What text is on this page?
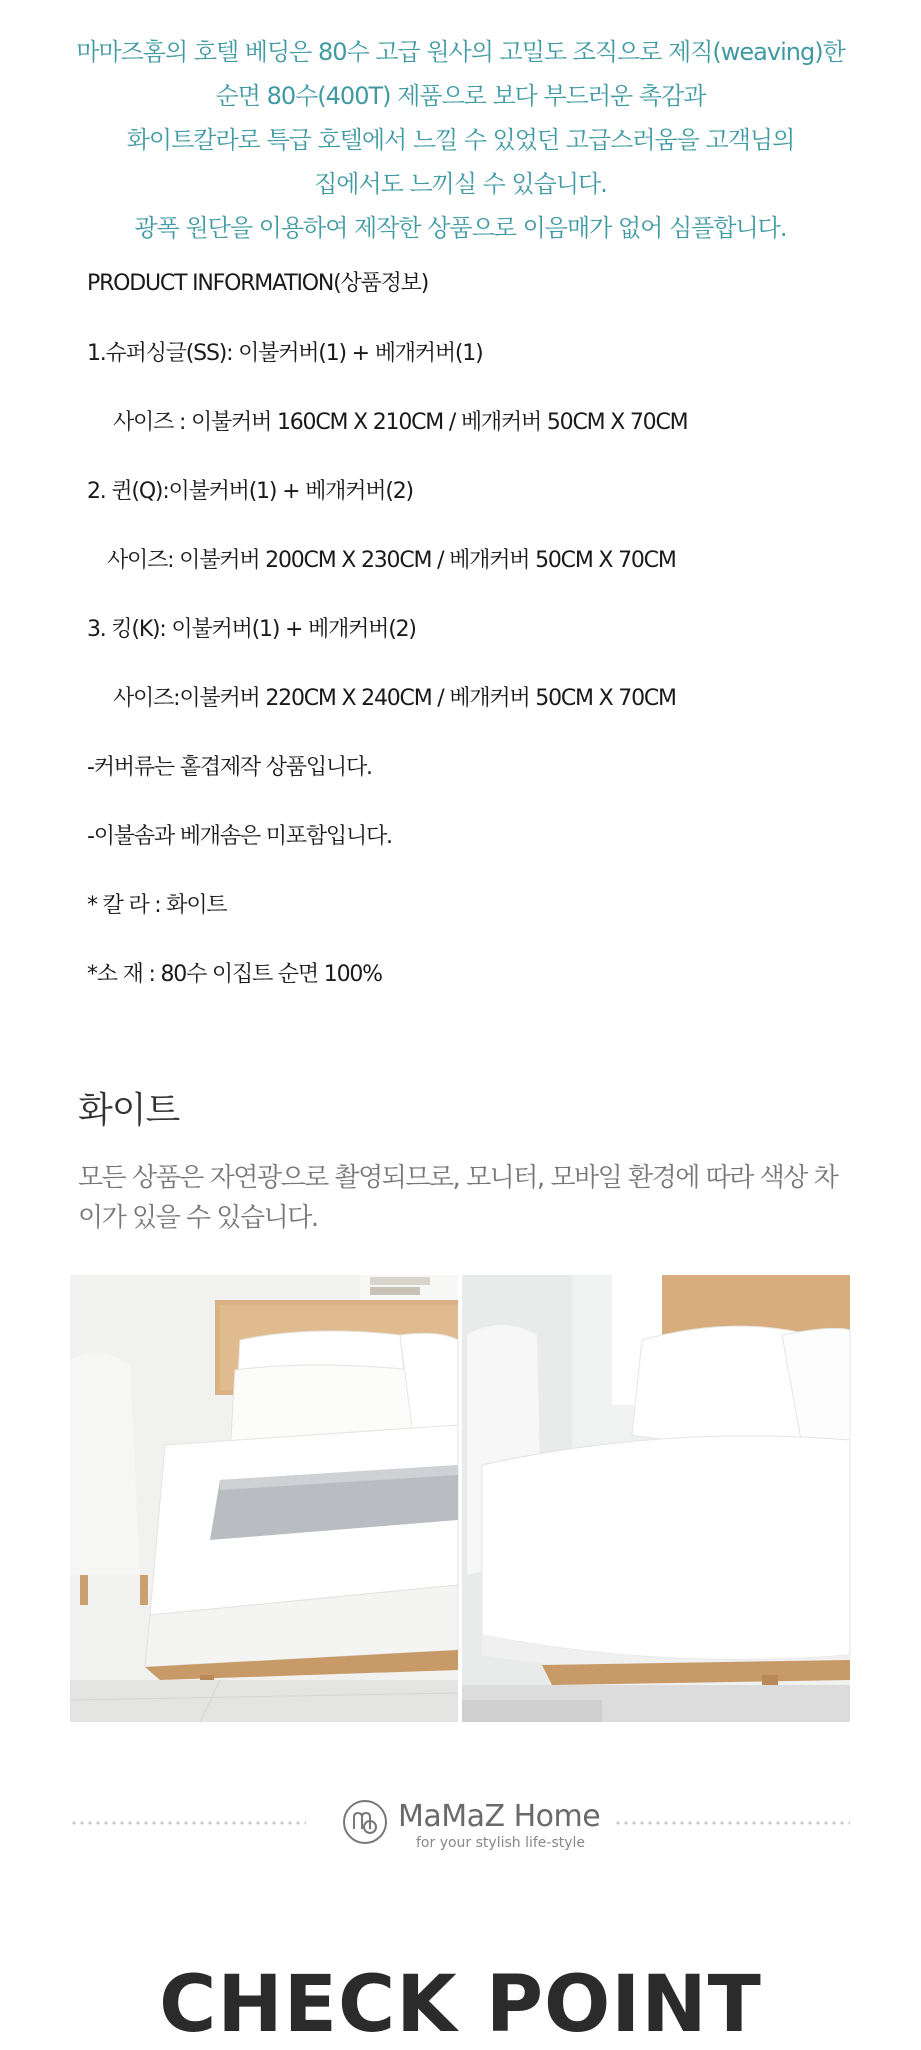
마마즈홈의 호텔 베딩은 80수 고급 원사의 고밀도 조직으로 제직(weaving)한

순면 80수(400T) 제품으로 보다 부드러운 촉감과

화이트칼라로 특급 호텔에서 느낄 수 있었던 고급스러움을 고객님의

집에서도 느끼실 수 있습니다.

광폭 원단을 이용하여 제작한 상품으로 이음매가 없어 심플합니다.

PRODUCT INFORMATION(상품정보)
1.슈퍼싱글(SS): 이불커버(1) + 베개커버(1)
사이즈 : 이불커버 160CM X 210CM / 베개커버 50CM X 70CM
2. 퀸(Q):이불커버(1) + 베개커버(2)
사이즈: 이불커버 200CM X 230CM / 베개커버 50CM X 70CM
3. 킹(K): 이불커버(1) + 베개커버(2)
사이즈:이불커버 220CM X 240CM / 베개커버 50CM X 70CM
-커버류는 홑겹제작 상품입니다.
-이불솜과 베개솜은 미포함입니다.
* 칼 라 : 화이트
*소 재 : 80수 이집트 순면 100%
화이트
모든 상품은 자연광으로 촬영되므로, 모니터, 모바일 환경에 따라 색상 차이가 있을 수 있습니다.
MaMaZ Home
for your stylish life-style
CHECK POINT
